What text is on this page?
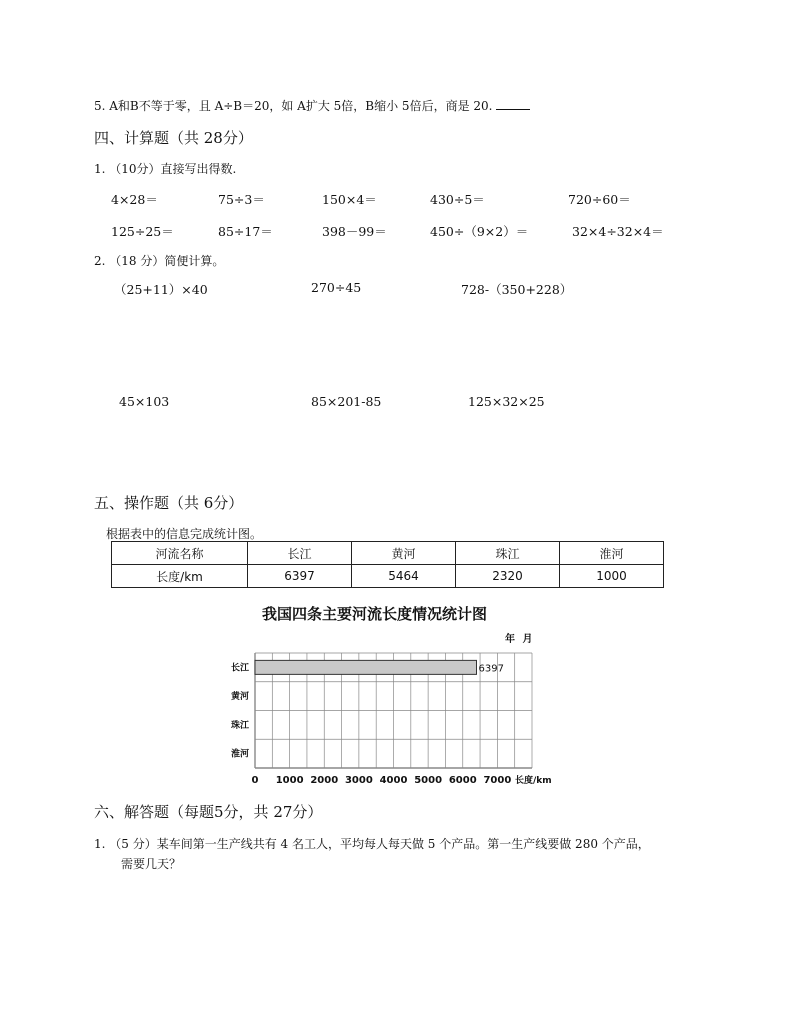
5. A和B不等于零，且 A÷B＝20，如 A扩大 5倍，B缩小 5倍后，商是 20.
四、计算题（共 28分）
1. （10分）直接写出得数.
4×28＝	75÷3＝	150×4＝	430÷5＝	720÷60＝
125÷25＝	85÷17＝	398－99＝	450÷（9×2）＝	32×4÷32×4＝
2. （18 分）简便计算。
（25+11）×40	270÷45	728-（350+228）
45×103	85×201-85	125×32×25
五、操作题（共 6分）
根据表中的信息完成统计图。
河流名称	长江	黄河	珠江	淮河
长度/km	6397	5464	2320	1000
我国四条主要河流长度情况统计图
年 月
长江
黄河
珠江
淮河
6397
0 1000 2000 3000 4000 5000 6000 7000 长度/km
六、解答题（每题5分，共 27分）
1. （5 分）某车间第一生产线共有 4 名工人，平均每人每天做 5 个产品。第一生产线要做 280 个产品，
需要几天？
